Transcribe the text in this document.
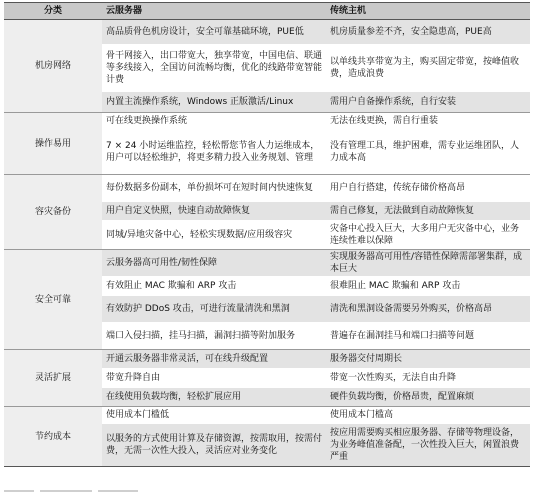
分类	云服务器	传统主机
机房网络	高品质骨色机房设计，安全可靠基础环境，PUE低	机房质量参差不齐，安全隐患高，PUE高
	骨干网接入，出口带宽大，独享带宽，中国电信、联通等多线接入，全国访问流畅均衡，优化的线路带宽智能计费	以单线共享带宽为主，购买固定带宽，按峰值收费，造成浪费
	内置主流操作系统，Windows 正版激活/Linux	需用户自备操作系统，自行安装
操作易用	可在线更换操作系统	无法在线更换，需自行重装
	7 × 24 小时运维监控，轻松帮您节省人力运维成本，用户可以轻松维护，将更多精力投入业务规划、管理	没有管理工具，维护困难，需专业运维团队，人力成本高
容灾备份	每份数据多份副本，单份损坏可在短时间内快速恢复	用户自行搭建，传统存储价格高昂
	用户自定义快照，快速自动故障恢复	需自己修复，无法做到自动故障恢复
	同城/异地灾备中心，轻松实现数据/应用级容灾	灾备中心投入巨大，大多用户无灾备中心，业务连续性难以保障
安全可靠	云服务器高可用性/韧性保障	实现服务器高可用性/容错性保障需部署集群，成本巨大
	有效阻止 MAC 欺骗和 ARP 攻击	很难阻止 MAC 欺骗和 ARP 攻击
	有效防护 DDoS 攻击，可进行流量清洗和黑洞	清洗和黑洞设备需要另外购买，价格高昂
	端口入侵扫描，挂马扫描，漏洞扫描等附加服务	普遍存在漏洞挂马和端口扫描等问题
灵活扩展	开通云服务器非常灵活，可在线升级配置	服务器交付周期长
	带宽升降自由	带宽一次性购买，无法自由升降
	在线使用负载均衡，轻松扩展应用	硬件负载均衡，价格昂贵，配置麻烦
节约成本	使用成本门槛低	使用成本门槛高
	以服务的方式使用计算及存储资源，按需取用，按需付费，无需一次性大投入，灵活应对业务变化	按应用需要购买相应服务器、存储等物理设备，为业务峰值准备配，一次性投入巨大，闲置浪费严重
